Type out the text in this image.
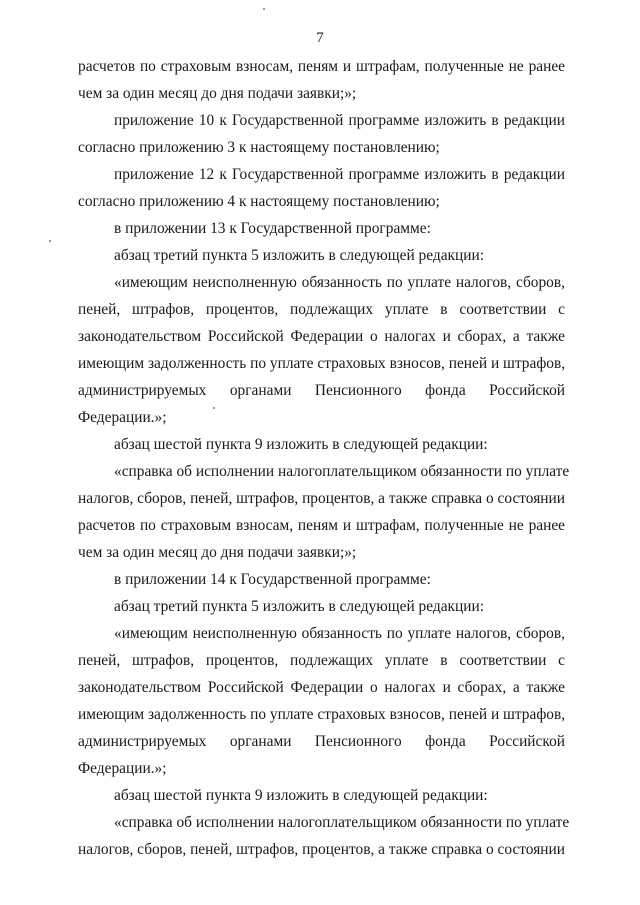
7
расчетов по страховым взносам, пеням и штрафам, полученные не ранее
чем за один месяц до дня подачи заявки;»;
приложение 10 к Государственной программе изложить в редакции
согласно приложению 3 к настоящему постановлению;
приложение 12 к Государственной программе изложить в редакции
согласно приложению 4 к настоящему постановлению;
в приложении 13 к Государственной программе:
абзац третий пункта 5 изложить в следующей редакции:
«имеющим неисполненную обязанность по уплате налогов, сборов,
пеней, штрафов, процентов, подлежащих уплате в соответствии с
законодательством Российской Федерации о налогах и сборах, а также
имеющим задолженность по уплате страховых взносов, пеней и штрафов,
администрируемых органами Пенсионного фонда Российской
Федерации.»;
абзац шестой пункта 9 изложить в следующей редакции:
«справка об исполнении налогоплательщиком обязанности по уплате
налогов, сборов, пеней, штрафов, процентов, а также справка о состоянии
расчетов по страховым взносам, пеням и штрафам, полученные не ранее
чем за один месяц до дня подачи заявки;»;
в приложении 14 к Государственной программе:
абзац третий пункта 5 изложить в следующей редакции:
«имеющим неисполненную обязанность по уплате налогов, сборов,
пеней, штрафов, процентов, подлежащих уплате в соответствии с
законодательством Российской Федерации о налогах и сборах, а также
имеющим задолженность по уплате страховых взносов, пеней и штрафов,
администрируемых органами Пенсионного фонда Российской
Федерации.»;
абзац шестой пункта 9 изложить в следующей редакции:
«справка об исполнении налогоплательщиком обязанности по уплате
налогов, сборов, пеней, штрафов, процентов, а также справка о состоянии
